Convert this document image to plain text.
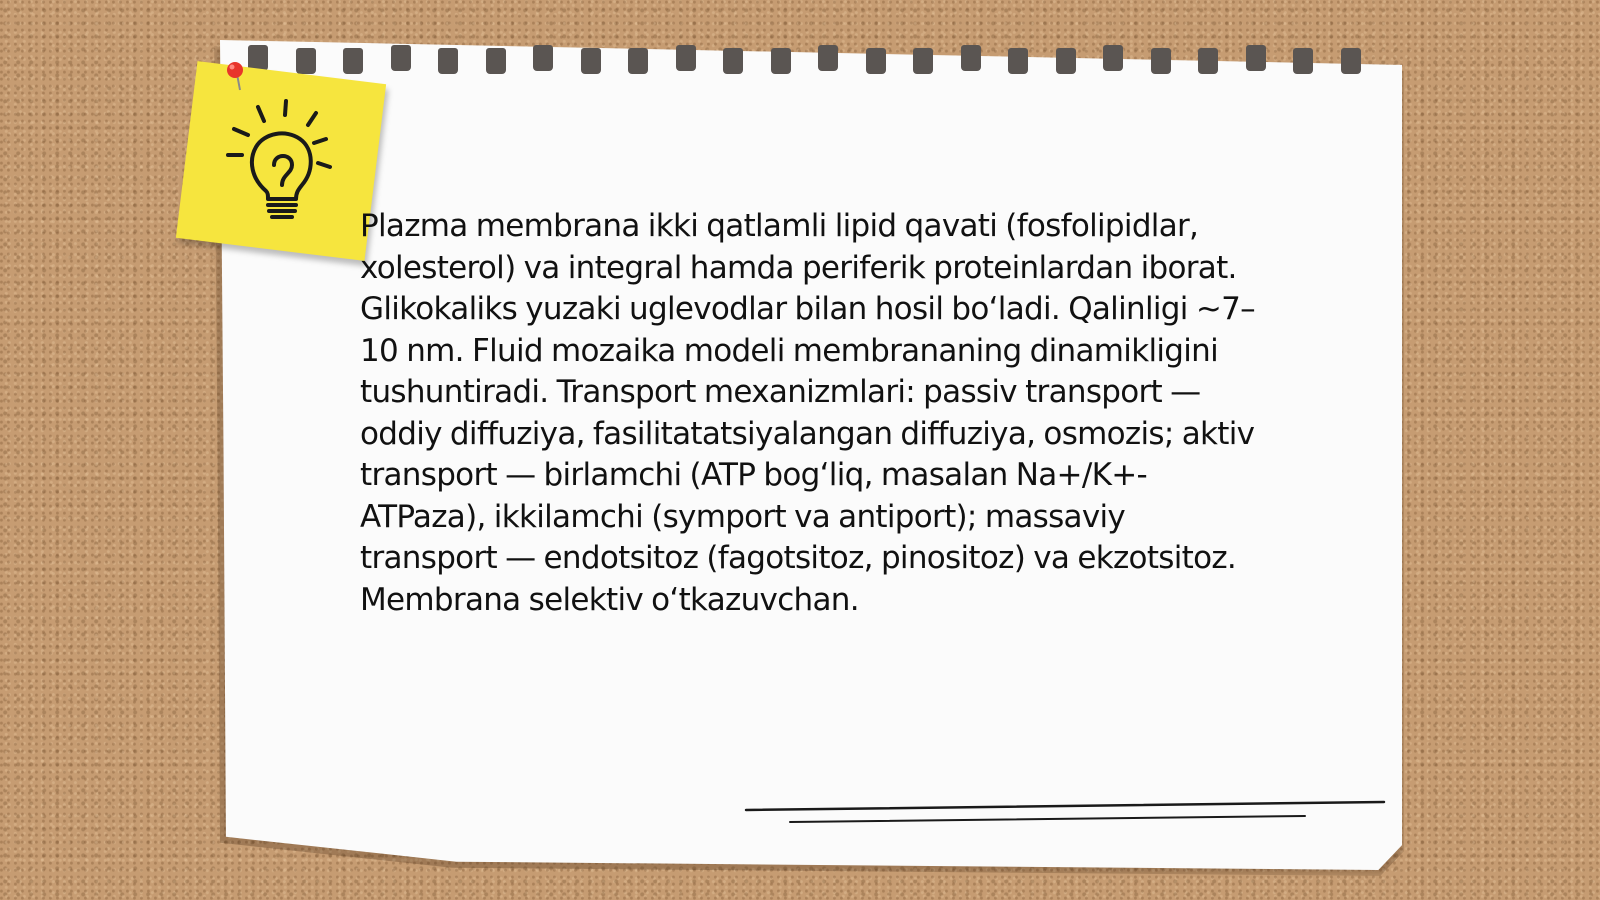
Plazma membrana ikki qatlamli lipid qavati (fosfolipidlar, xolesterol) va integral hamda periferik proteinlardan iborat. Glikokaliks yuzaki uglevodlar bilan hosil bo‘ladi. Qalinligi ~7–10 nm. Fluid mozaika modeli membrananing dinamikligini tushuntiradi. Transport mexanizmlari: passiv transport — oddiy diffuziya, fasilitatatsiyalangan diffuziya, osmozis; aktiv transport — birlamchi (ATP bog‘liq, masalan Na+/K+-ATPaza), ikkilamchi (symport va antiport); massaviy transport — endotsitoz (fagotsitoz, pinositoz) va ekzotsitoz. Membrana selektiv o‘tkazuvchan.
